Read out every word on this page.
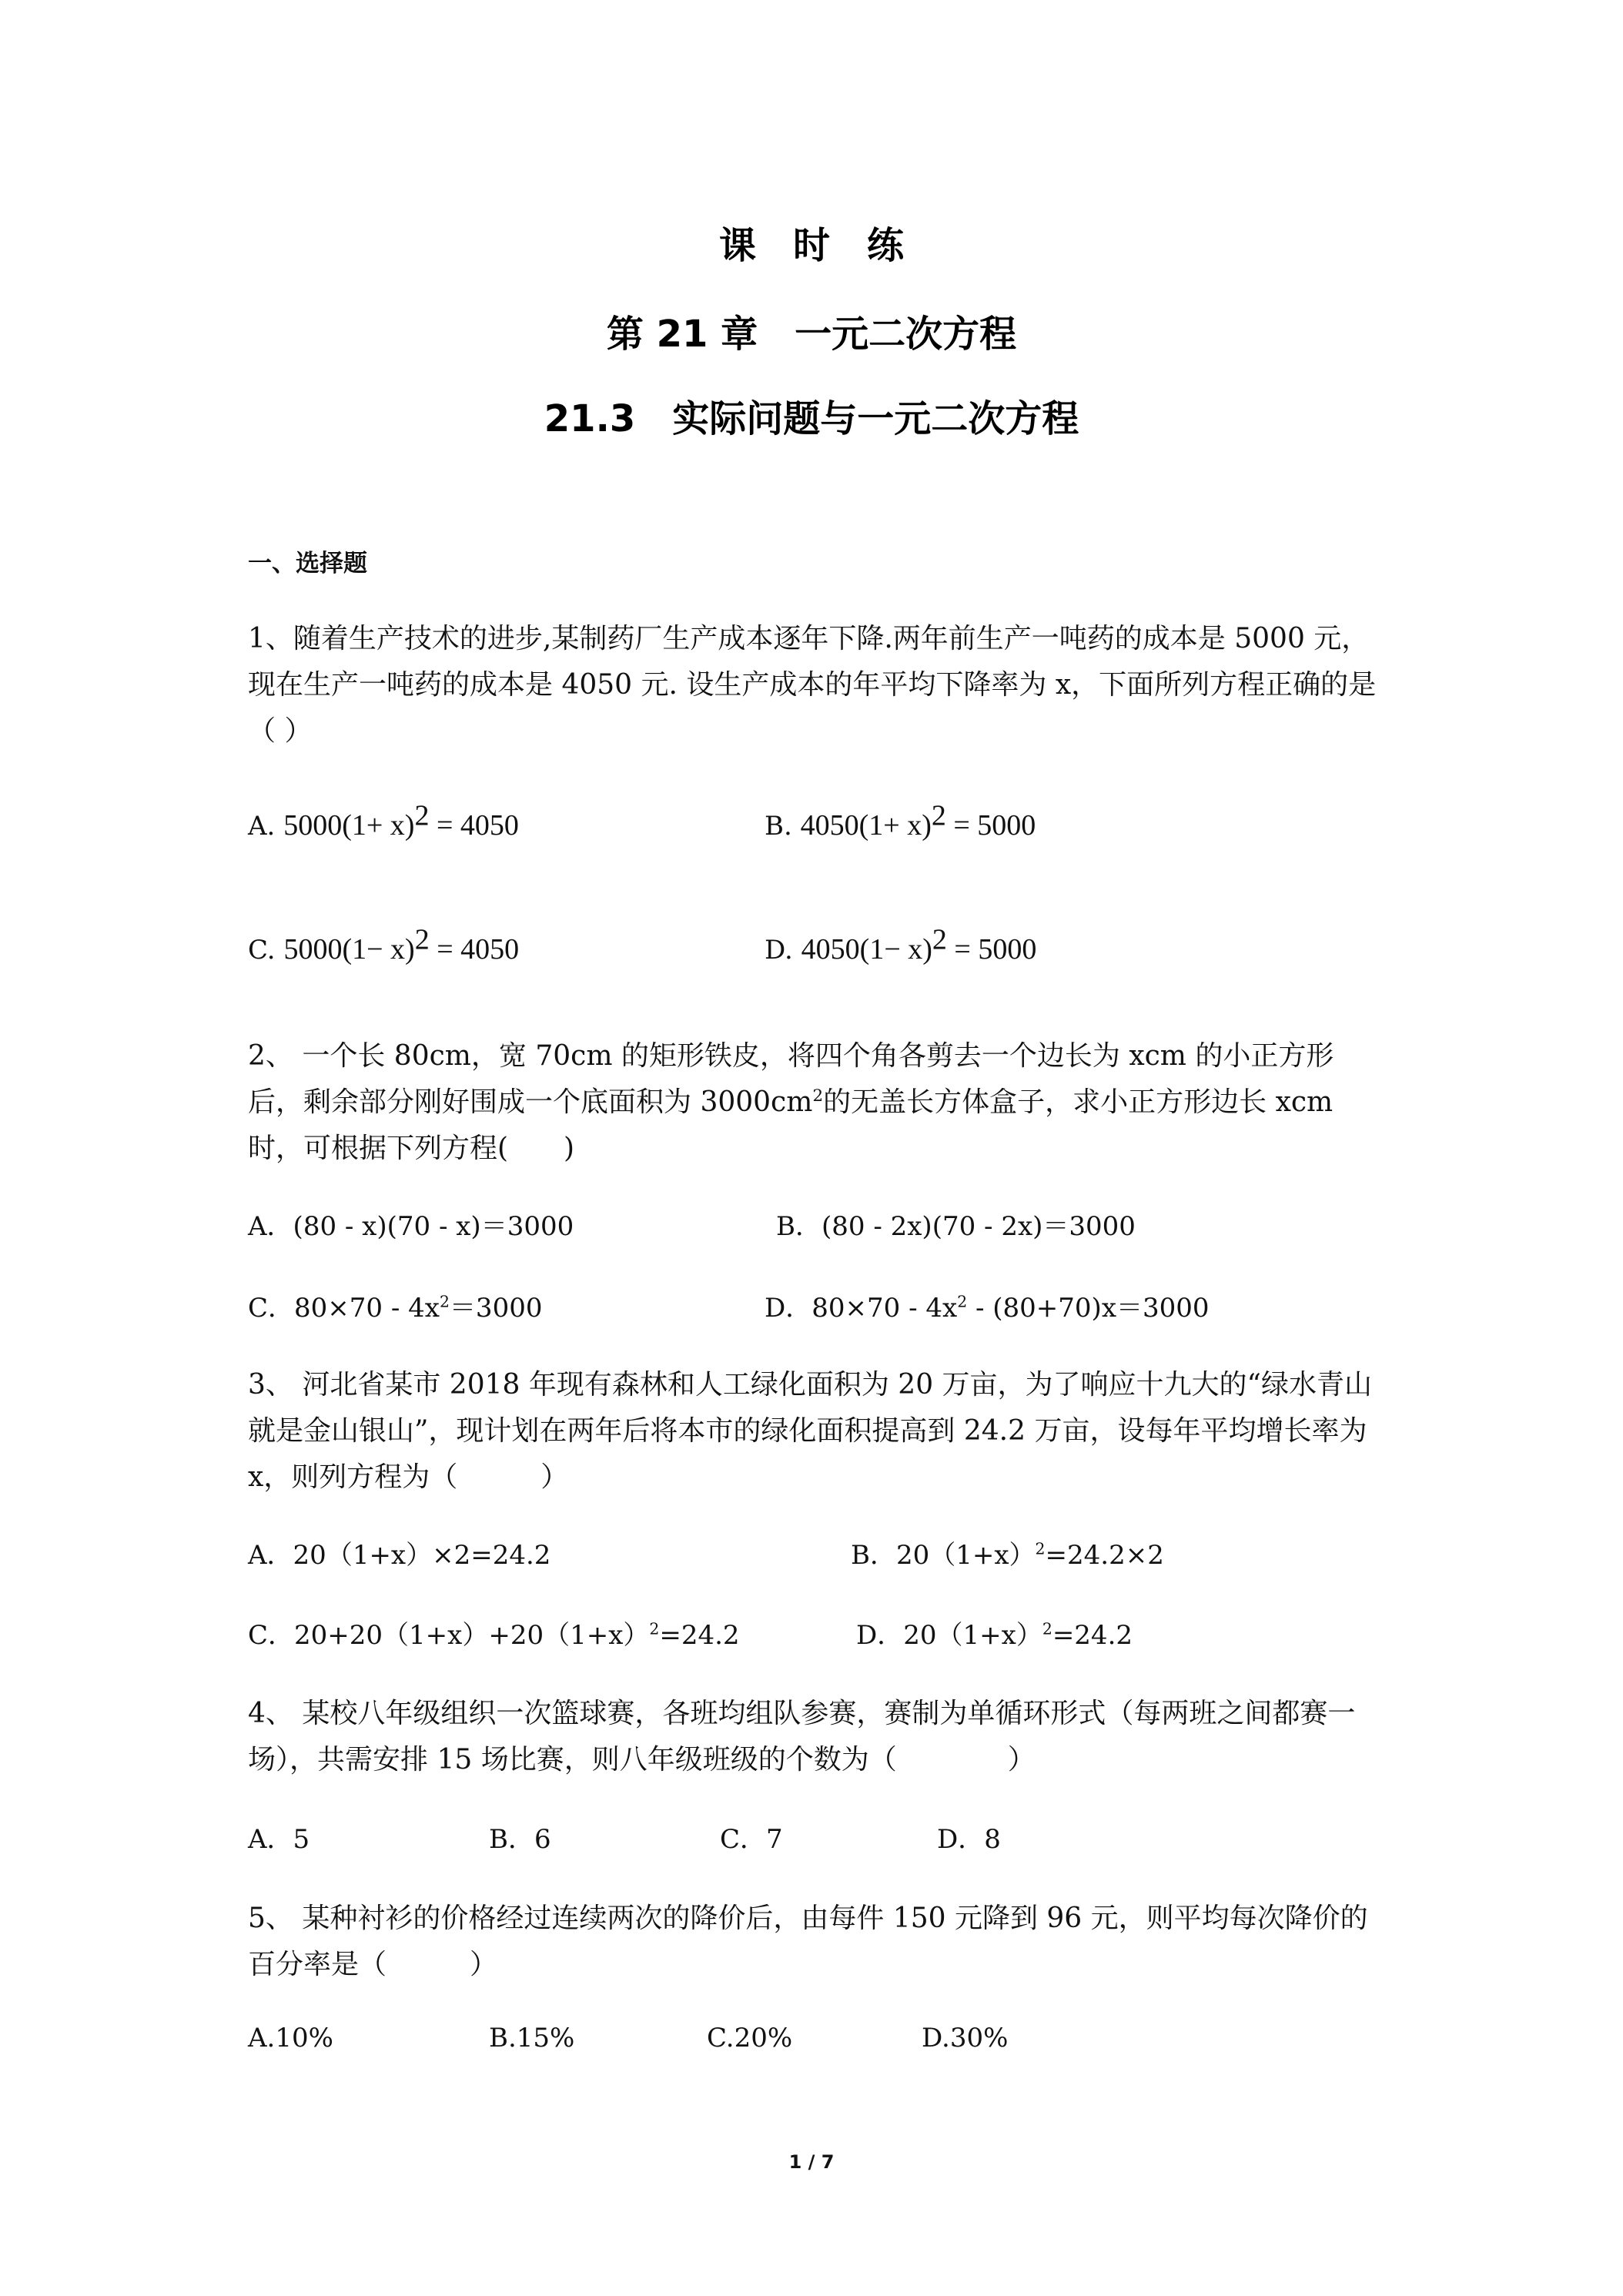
课　时　练
第 21 章　一元二次方程
21.3　实际问题与一元二次方程
一、选择题
1、随着生产技术的进步,某制药厂生产成本逐年下降.两年前生产一吨药的成本是 5000 元，现在生产一吨药的成本是 4050 元. 设生产成本的年平均下降率为 x，下面所列方程正确的是（ ）
A. $5000(1+ x)^2 = 4050$	B. $4050(1+ x)^2 = 5000$
C. $5000(1- x)^2 = 4050$	D. $4050(1- x)^2 = 5000$
2、 一个长 80cm，宽 70cm 的矩形铁皮，将四个角各剪去一个边长为 xcm 的小正方形后，剩余部分刚好围成一个底面积为 $3000cm^2$的无盖长方体盒子，求小正方形边长 xcm 时，可根据下列方程(　　)
A．(80 - x)(70 - x)＝3000	B．(80 - 2x)(70 - 2x)＝3000
C．$80\times 70 - 4x^2=3000$	D．$80\times 70 - 4x^2 - (80+70)x=3000$
3、 河北省某市 2018 年现有森林和人工绿化面积为 20 万亩，为了响应十九大的“绿水青山就是金山银山”，现计划在两年后将本市的绿化面积提高到 24.2 万亩，设每年平均增长率为 x，则列方程为（　　　）
A．20（1+x）×2=24.2	B．$20(1+x)^2=24.2\times 2$
C．$20+20(1+x)+20(1+x)^2=24.2$	D．$20(1+x)^2=24.2$
4、 某校八年级组织一次篮球赛，各班均组队参赛，赛制为单循环形式（每两班之间都赛一场），共需安排 15 场比赛，则八年级班级的个数为（　　　　）
A．5	B．6	C．7	D．8
5、 某种衬衫的价格经过连续两次的降价后，由每件 150 元降到 96 元，则平均每次降价的百分率是（　　　）
A.10%	B.15%	C.20%	D.30%
1 / 7
